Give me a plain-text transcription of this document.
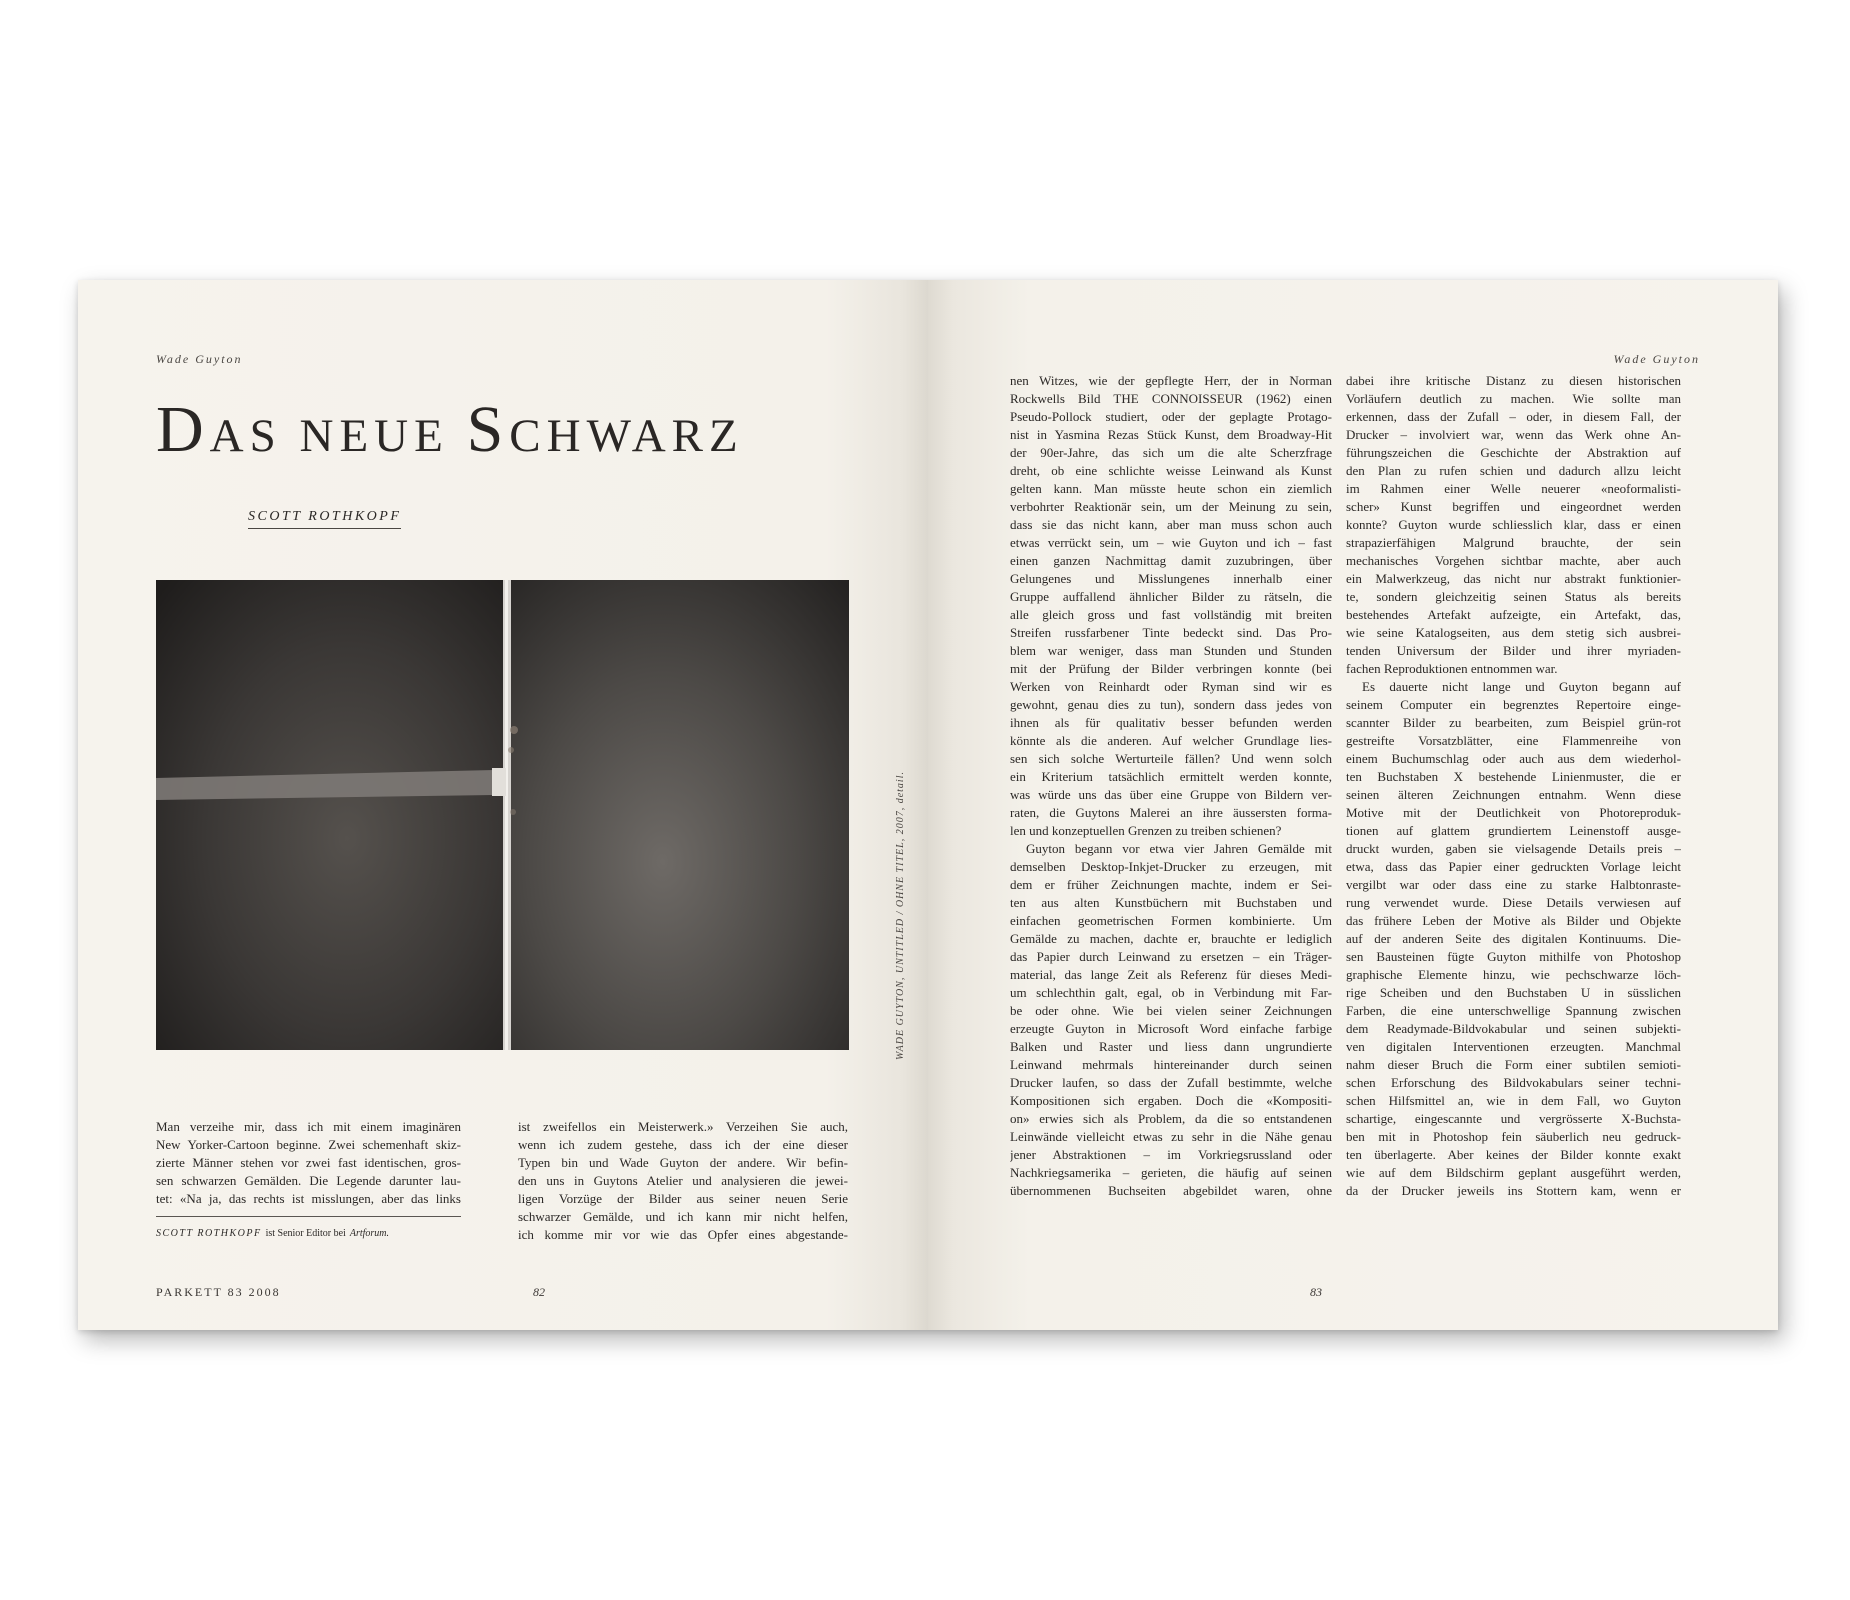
Wade Guyton
DAS NEUE SCHWARZ
SCOTT ROTHKOPF
WADE GUYTON, UNTITLED / OHNE TITEL, 2007, detail.
Man verzeihe mir, dass ich mit einem imaginären
New Yorker-Cartoon beginne. Zwei schemenhaft skiz-
zierte Männer stehen vor zwei fast identischen, gros-
sen schwarzen Gemälden. Die Legende darunter lau-
tet: «Na ja, das rechts ist misslungen, aber das links
ist zweifellos ein Meisterwerk.» Verzeihen Sie auch,
wenn ich zudem gestehe, dass ich der eine dieser
Typen bin und Wade Guyton der andere. Wir befin-
den uns in Guytons Atelier und analysieren die jewei-
ligen Vorzüge der Bilder aus seiner neuen Serie
schwarzer Gemälde, und ich kann mir nicht helfen,
ich komme mir vor wie das Opfer eines abgestande-
SCOTT ROTHKOPF ist Senior Editor bei Artforum.
PARKETT 83 2008	82
Wade Guyton
nen Witzes, wie der gepflegte Herr, der in Norman
Rockwells Bild THE CONNOISSEUR (1962) einen
Pseudo-Pollock studiert, oder der geplagte Protago-
nist in Yasmina Rezas Stück Kunst, dem Broadway-Hit
der 90er-Jahre, das sich um die alte Scherzfrage
dreht, ob eine schlichte weisse Leinwand als Kunst
gelten kann. Man müsste heute schon ein ziemlich
verbohrter Reaktionär sein, um der Meinung zu sein,
dass sie das nicht kann, aber man muss schon auch
etwas verrückt sein, um – wie Guyton und ich – fast
einen ganzen Nachmittag damit zuzubringen, über
Gelungenes und Misslungenes innerhalb einer
Gruppe auffallend ähnlicher Bilder zu rätseln, die
alle gleich gross und fast vollständig mit breiten
Streifen russfarbener Tinte bedeckt sind. Das Pro-
blem war weniger, dass man Stunden und Stunden
mit der Prüfung der Bilder verbringen konnte (bei
Werken von Reinhardt oder Ryman sind wir es
gewohnt, genau dies zu tun), sondern dass jedes von
ihnen als für qualitativ besser befunden werden
könnte als die anderen. Auf welcher Grundlage lies-
sen sich solche Werturteile fällen? Und wenn solch
ein Kriterium tatsächlich ermittelt werden konnte,
was würde uns das über eine Gruppe von Bildern ver-
raten, die Guytons Malerei an ihre äussersten forma-
len und konzeptuellen Grenzen zu treiben schienen?
Guyton begann vor etwa vier Jahren Gemälde mit
demselben Desktop-Inkjet-Drucker zu erzeugen, mit
dem er früher Zeichnungen machte, indem er Sei-
ten aus alten Kunstbüchern mit Buchstaben und
einfachen geometrischen Formen kombinierte. Um
Gemälde zu machen, dachte er, brauchte er lediglich
das Papier durch Leinwand zu ersetzen – ein Träger-
material, das lange Zeit als Referenz für dieses Medi-
um schlechthin galt, egal, ob in Verbindung mit Far-
be oder ohne. Wie bei vielen seiner Zeichnungen
erzeugte Guyton in Microsoft Word einfache farbige
Balken und Raster und liess dann ungrundierte
Leinwand mehrmals hintereinander durch seinen
Drucker laufen, so dass der Zufall bestimmte, welche
Kompositionen sich ergaben. Doch die «Kompositi-
on» erwies sich als Problem, da die so entstandenen
Leinwände vielleicht etwas zu sehr in die Nähe genau
jener Abstraktionen – im Vorkriegsrussland oder
Nachkriegsamerika – gerieten, die häufig auf seinen
übernommenen Buchseiten abgebildet waren, ohne
dabei ihre kritische Distanz zu diesen historischen
Vorläufern deutlich zu machen. Wie sollte man
erkennen, dass der Zufall – oder, in diesem Fall, der
Drucker – involviert war, wenn das Werk ohne An-
führungszeichen die Geschichte der Abstraktion auf
den Plan zu rufen schien und dadurch allzu leicht
im Rahmen einer Welle neuerer «neoformalisti-
scher» Kunst begriffen und eingeordnet werden
konnte? Guyton wurde schliesslich klar, dass er einen
strapazierfähigen Malgrund brauchte, der sein
mechanisches Vorgehen sichtbar machte, aber auch
ein Malwerkzeug, das nicht nur abstrakt funktionier-
te, sondern gleichzeitig seinen Status als bereits
bestehendes Artefakt aufzeigte, ein Artefakt, das,
wie seine Katalogseiten, aus dem stetig sich ausbrei-
tenden Universum der Bilder und ihrer myriaden-
fachen Reproduktionen entnommen war.
Es dauerte nicht lange und Guyton begann auf
seinem Computer ein begrenztes Repertoire einge-
scannter Bilder zu bearbeiten, zum Beispiel grün-rot
gestreifte Vorsatzblätter, eine Flammenreihe von
einem Buchumschlag oder auch aus dem wiederhol-
ten Buchstaben X bestehende Linienmuster, die er
seinen älteren Zeichnungen entnahm. Wenn diese
Motive mit der Deutlichkeit von Photoreproduk-
tionen auf glattem grundiertem Leinenstoff ausge-
druckt wurden, gaben sie vielsagende Details preis –
etwa, dass das Papier einer gedruckten Vorlage leicht
vergilbt war oder dass eine zu starke Halbtonraste-
rung verwendet wurde. Diese Details verwiesen auf
das frühere Leben der Motive als Bilder und Objekte
auf der anderen Seite des digitalen Kontinuums. Die-
sen Bausteinen fügte Guyton mithilfe von Photoshop
graphische Elemente hinzu, wie pechschwarze löch-
rige Scheiben und den Buchstaben U in süsslichen
Farben, die eine unterschwellige Spannung zwischen
dem Readymade-Bildvokabular und seinen subjekti-
ven digitalen Interventionen erzeugten. Manchmal
nahm dieser Bruch die Form einer subtilen semioti-
schen Erforschung des Bildvokabulars seiner techni-
schen Hilfsmittel an, wie in dem Fall, wo Guyton
schartige, eingescannte und vergrösserte X-Buchsta-
ben mit in Photoshop fein säuberlich neu gedruck-
ten überlagerte. Aber keines der Bilder konnte exakt
wie auf dem Bildschirm geplant ausgeführt werden,
da der Drucker jeweils ins Stottern kam, wenn er
83
